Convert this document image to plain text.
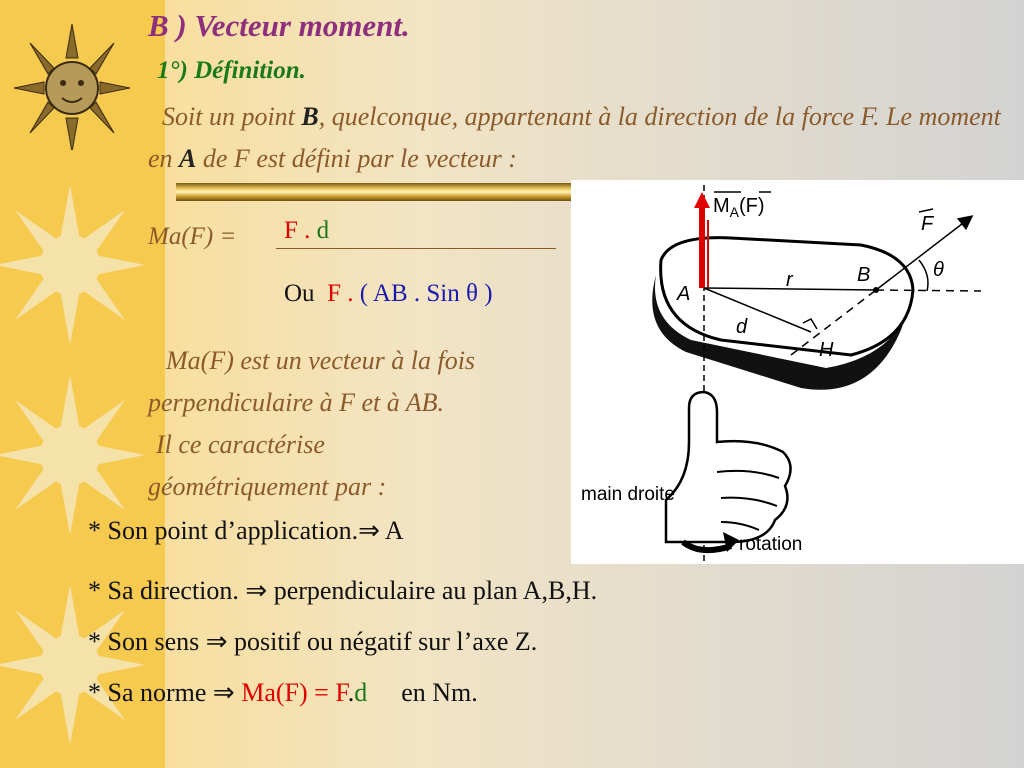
B ) Vecteur moment.
1°) Définition.
Soit un point B, quelconque, appartenant à la direction de la force F. Le moment en A de F est défini par le vecteur :
Ma(F) = F . d
Ou F . ( AB . Sin θ )
Ma(F) est un vecteur à la fois
perpendiculaire à F et à AB.
Il ce caractérise
géométriquement par :
* Son point d’application.⇒ A
* Sa direction. ⇒ perpendiculaire au plan A,B,H.
* Son sens ⇒ positif ou négatif sur l’axe Z.
* Sa norme ⇒ Ma(F) = F.d en Nm.
$M_A(F)$
F
θ
A
B
r
d
H
main droite
rotation
